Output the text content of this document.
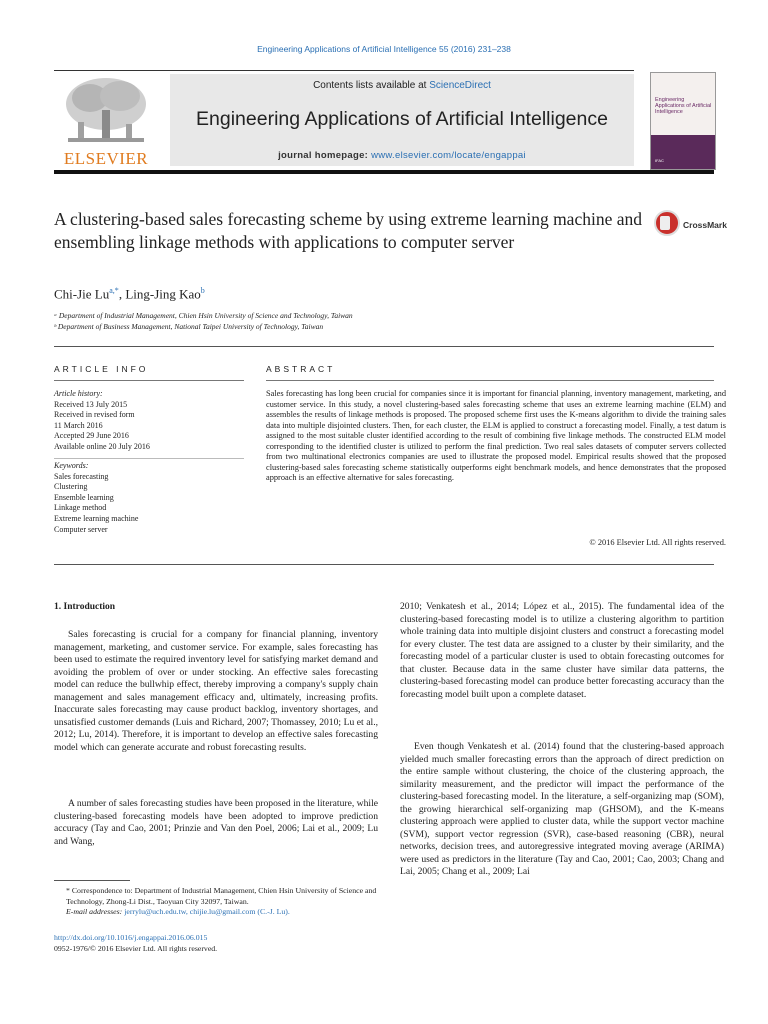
Engineering Applications of Artificial Intelligence 55 (2016) 231–238
Contents lists available at ScienceDirect
Engineering Applications of Artificial Intelligence
journal homepage: www.elsevier.com/locate/engappai
ELSEVIER
Engineering Applications of Artificial Intelligence
IFAC
A clustering-based sales forecasting scheme by using extreme learning machine and ensembling linkage methods with applications to computer server
CrossMark
Chi-Jie $Lu^{a,*}$, Ling-Jing Kao$^b$
ᵃ Department of Industrial Management, Chien Hsin University of Science and Technology, Taiwan
ᵇ Department of Business Management, National Taipei University of Technology, Taiwan
ARTICLE INFO
Article history:
Received 13 July 2015
Received in revised form
11 March 2016
Accepted 29 June 2016
Available online 20 July 2016
Keywords:
Sales forecasting
Clustering
Ensemble learning
Linkage method
Extreme learning machine
Computer server
ABSTRACT
Sales forecasting has long been crucial for companies since it is important for financial planning, inventory management, marketing, and customer service. In this study, a novel clustering-based sales forecasting scheme that uses an extreme learning machine (ELM) and assembles the results of linkage methods is proposed. The proposed scheme first uses the K-means algorithm to divide the training sales data into multiple disjointed clusters. Then, for each cluster, the ELM is applied to construct a forecasting model. Finally, a test datum is assigned to the most suitable cluster identified according to the result of combining five linkage methods. The constructed ELM model corresponding to the identified cluster is utilized to perform the final prediction. Two real sales datasets of computer servers collected from two multinational electronics companies are used to illustrate the proposed model. Empirical results showed that the proposed clustering-based sales forecasting scheme statistically outperforms eight benchmark models, and hence demonstrates that the proposed approach is an effective alternative for sales forecasting.
© 2016 Elsevier Ltd. All rights reserved.
1. Introduction
Sales forecasting is crucial for a company for financial planning, inventory management, marketing, and customer service. For example, sales forecasting has been used to estimate the required inventory level for satisfying market demand and avoiding the problem of over or under stocking. An effective sales forecasting model can reduce the bullwhip effect, thereby improving a company's supply chain management and sales management efficacy and, ultimately, increasing profits. Inaccurate sales forecasting may cause product backlog, inventory shortages, and unsatisfied customer demands (Luis and Richard, 2007; Thomassey, 2010; Lu et al., 2012; Lu, 2014). Therefore, it is important to develop an effective sales forecasting model which can generate accurate and robust forecasting results.
A number of sales forecasting studies have been proposed in the literature, while clustering-based forecasting models have been adopted to improve prediction accuracy (Tay and Cao, 2001; Prinzie and Van den Poel, 2006; Lai et al., 2009; Lu and Wang,
2010; Venkatesh et al., 2014; López et al., 2015). The fundamental idea of the clustering-based forecasting model is to utilize a clustering algorithm to partition whole training data into multiple disjoint clusters and construct a forecasting model for every cluster. The test data are assigned to a cluster by their similarity, and the forecasting model of a particular cluster is used to obtain forecasting outcomes for that cluster. Because data in the same cluster have similar data patterns, the clustering-based forecasting model can produce better forecasting accuracy than the forecasting model built upon a complete dataset.
Even though Venkatesh et al. (2014) found that the clustering-based approach yielded much smaller forecasting errors than the approach of direct prediction on the entire sample without clustering, the choice of the clustering approach, the similarity measurement, and the predictor will impact the performance of the clustering-based forecasting model. In the literature, a self-organizing map (SOM), the growing hierarchical self-organizing map (GHSOM), and the K-means clustering approach were applied to cluster data, while the support vector machine (SVM), support vector regression (SVR), case-based reasoning (CBR), neural networks, decision trees, and autoregressive integrated moving average (ARIMA) were used as predictors in the literature (Tay and Cao, 2001; Cao, 2003; Chang and Lai, 2005; Chang et al., 2009; Lai
* Correspondence to: Department of Industrial Management, Chien Hsin University of Science and Technology, Zhong-Li Dist., Taoyuan City 32097, Taiwan.
E-mail addresses: jerrylu@uch.edu.tw, chijie.lu@gmail.com (C.-J. Lu).
http://dx.doi.org/10.1016/j.engappai.2016.06.015
0952-1976/© 2016 Elsevier Ltd. All rights reserved.
